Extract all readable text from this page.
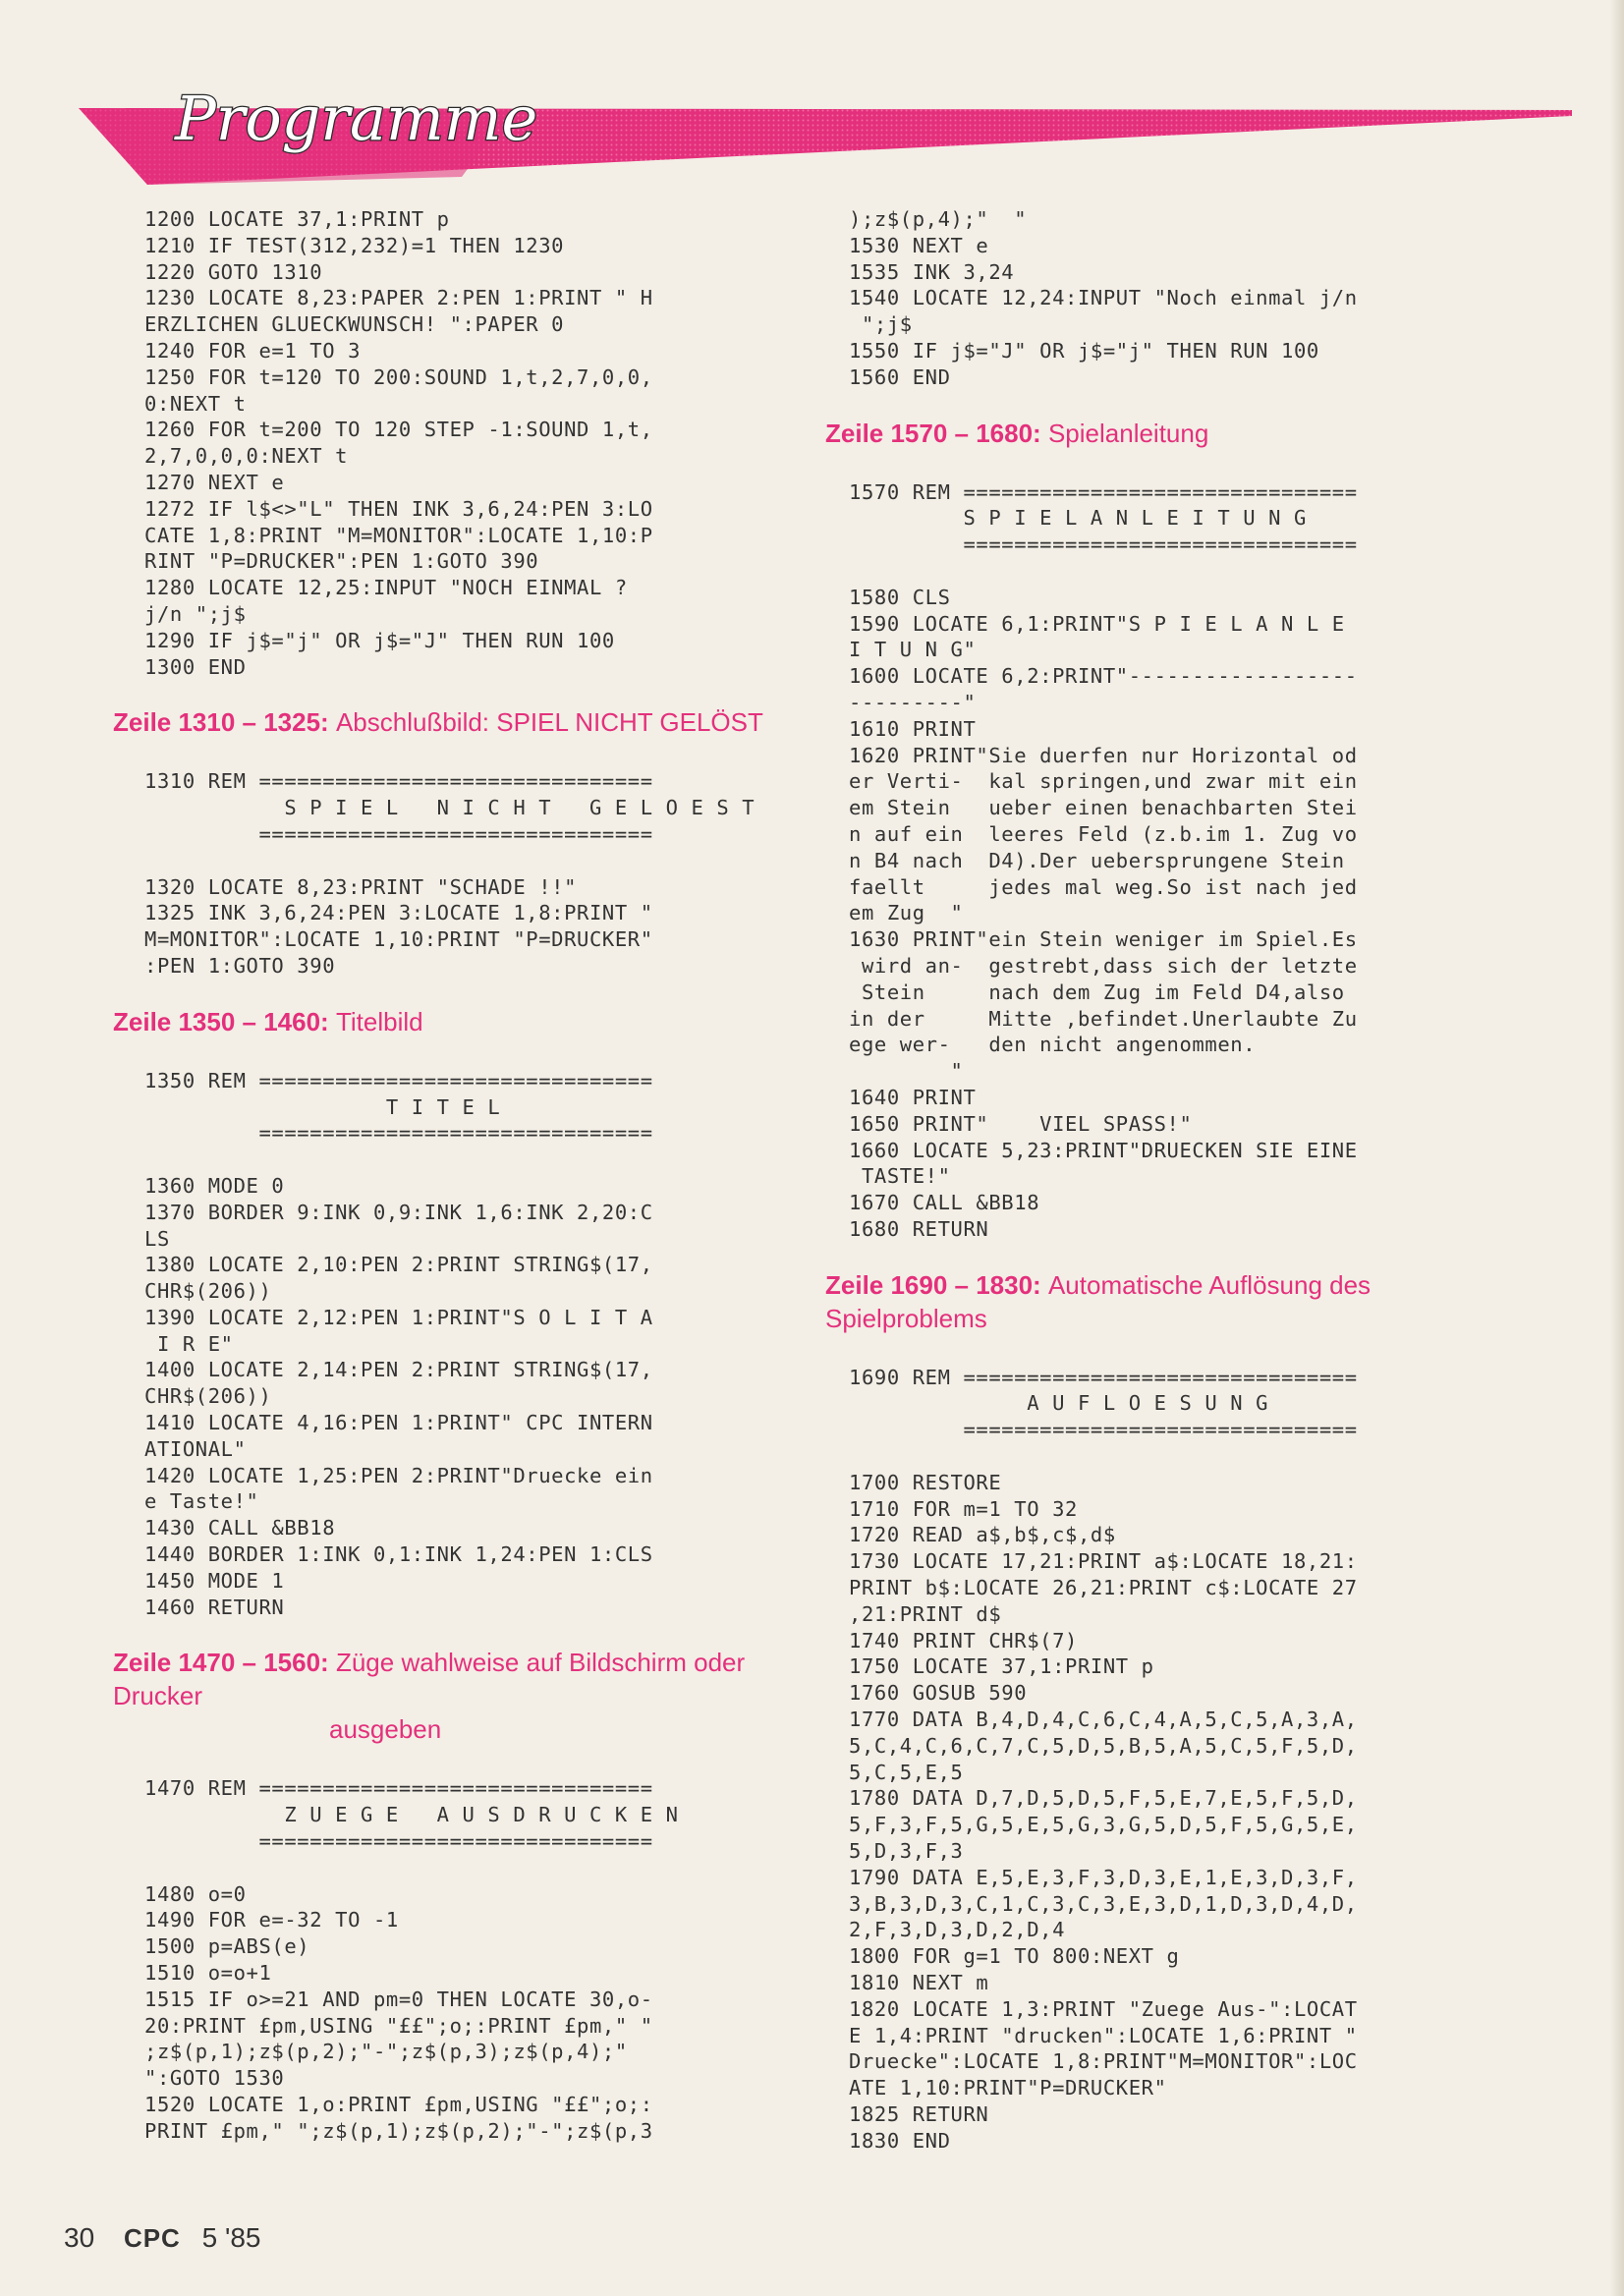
Programme
1200 LOCATE 37,1:PRINT p
1210 IF TEST(312,232)=1 THEN 1230
1220 GOTO 1310
1230 LOCATE 8,23:PAPER 2:PEN 1:PRINT " H
ERZLICHEN GLUECKWUNSCH! ":PAPER 0
1240 FOR e=1 TO 3
1250 FOR t=120 TO 200:SOUND 1,t,2,7,0,0,
0:NEXT t
1260 FOR t=200 TO 120 STEP -1:SOUND 1,t,
2,7,0,0,0:NEXT t
1270 NEXT e
1272 IF l$<>"L" THEN INK 3,6,24:PEN 3:LO
CATE 1,8:PRINT "M=MONITOR":LOCATE 1,10:P
RINT "P=DRUCKER":PEN 1:GOTO 390
1280 LOCATE 12,25:INPUT "NOCH EINMAL ?
j/n ";j$
1290 IF j$="j" OR j$="J" THEN RUN 100
1300 END
Zeile 1310 – 1325: Abschlußbild: SPIEL NICHT GELÖST
1310 REM ===============================
S P I E L   N I C H T   G E L O E S T
===============================

1320 LOCATE 8,23:PRINT "SCHADE !!"
1325 INK 3,6,24:PEN 3:LOCATE 1,8:PRINT "
M=MONITOR":LOCATE 1,10:PRINT "P=DRUCKER"
:PEN 1:GOTO 390
Zeile 1350 – 1460: Titelbild
1350 REM ===============================
T I T E L
===============================

1360 MODE 0
1370 BORDER 9:INK 0,9:INK 1,6:INK 2,20:C
LS
1380 LOCATE 2,10:PEN 2:PRINT STRING$(17,
CHR$(206))
1390 LOCATE 2,12:PEN 1:PRINT"S O L I T A
I R E"
1400 LOCATE 2,14:PEN 2:PRINT STRING$(17,
CHR$(206))
1410 LOCATE 4,16:PEN 1:PRINT" CPC INTERN
ATIONAL"
1420 LOCATE 1,25:PEN 2:PRINT"Druecke ein
e Taste!"
1430 CALL &BB18
1440 BORDER 1:INK 0,1:INK 1,24:PEN 1:CLS
1450 MODE 1
1460 RETURN
Zeile 1470 – 1560: Züge wahlweise auf Bildschirm oder Drucker
ausgeben
1470 REM ===============================
Z U E G E   A U S D R U C K E N
===============================

1480 o=0
1490 FOR e=-32 TO -1
1500 p=ABS(e)
1510 o=o+1
1515 IF o>=21 AND pm=0 THEN LOCATE 30,o-
20:PRINT £pm,USING "££";o;:PRINT £pm," "
;z$(p,1);z$(p,2);"-";z$(p,3);z$(p,4);"
":GOTO 1530
1520 LOCATE 1,o:PRINT £pm,USING "££";o;:
PRINT £pm," ";z$(p,1);z$(p,2);"-";z$(p,3
);z$(p,4);"  "
1530 NEXT e
1535 INK 3,24
1540 LOCATE 12,24:INPUT "Noch einmal j/n
";j$
1550 IF j$="J" OR j$="j" THEN RUN 100
1560 END
Zeile 1570 – 1680: Spielanleitung
1570 REM ===============================
S P I E L A N L E I T U N G
===============================

1580 CLS
1590 LOCATE 6,1:PRINT"S P I E L A N L E
I T U N G"
1600 LOCATE 6,2:PRINT"------------------
---------"
1610 PRINT
1620 PRINT"Sie duerfen nur Horizontal od
er Verti-  kal springen,und zwar mit ein
em Stein   ueber einen benachbarten Stei
n auf ein  leeres Feld (z.b.im 1. Zug vo
n B4 nach  D4).Der uebersprungene Stein
faellt     jedes mal weg.So ist nach jed
em Zug  "
1630 PRINT"ein Stein weniger im Spiel.Es
wird an-  gestrebt,dass sich der letzte
Stein     nach dem Zug im Feld D4,also
in der     Mitte ,befindet.Unerlaubte Zu
ege wer-   den nicht angenommen.
"
1640 PRINT
1650 PRINT"    VIEL SPASS!"
1660 LOCATE 5,23:PRINT"DRUECKEN SIE EINE
TASTE!"
1670 CALL &BB18
1680 RETURN
Zeile 1690 – 1830: Automatische Auflösung des Spielproblems
1690 REM ===============================
A U F L O E S U N G
===============================

1700 RESTORE
1710 FOR m=1 TO 32
1720 READ a$,b$,c$,d$
1730 LOCATE 17,21:PRINT a$:LOCATE 18,21:
PRINT b$:LOCATE 26,21:PRINT c$:LOCATE 27
,21:PRINT d$
1740 PRINT CHR$(7)
1750 LOCATE 37,1:PRINT p
1760 GOSUB 590
1770 DATA B,4,D,4,C,6,C,4,A,5,C,5,A,3,A,
5,C,4,C,6,C,7,C,5,D,5,B,5,A,5,C,5,F,5,D,
5,C,5,E,5
1780 DATA D,7,D,5,D,5,F,5,E,7,E,5,F,5,D,
5,F,3,F,5,G,5,E,5,G,3,G,5,D,5,F,5,G,5,E,
5,D,3,F,3
1790 DATA E,5,E,3,F,3,D,3,E,1,E,3,D,3,F,
3,B,3,D,3,C,1,C,3,C,3,E,3,D,1,D,3,D,4,D,
2,F,3,D,3,D,2,D,4
1800 FOR g=1 TO 800:NEXT g
1810 NEXT m
1820 LOCATE 1,3:PRINT "Zuege Aus-":LOCAT
E 1,4:PRINT "drucken":LOCATE 1,6:PRINT "
Druecke":LOCATE 1,8:PRINT"M=MONITOR":LOC
ATE 1,10:PRINT"P=DRUCKER"
1825 RETURN
1830 END
30 CPC 5 '85
